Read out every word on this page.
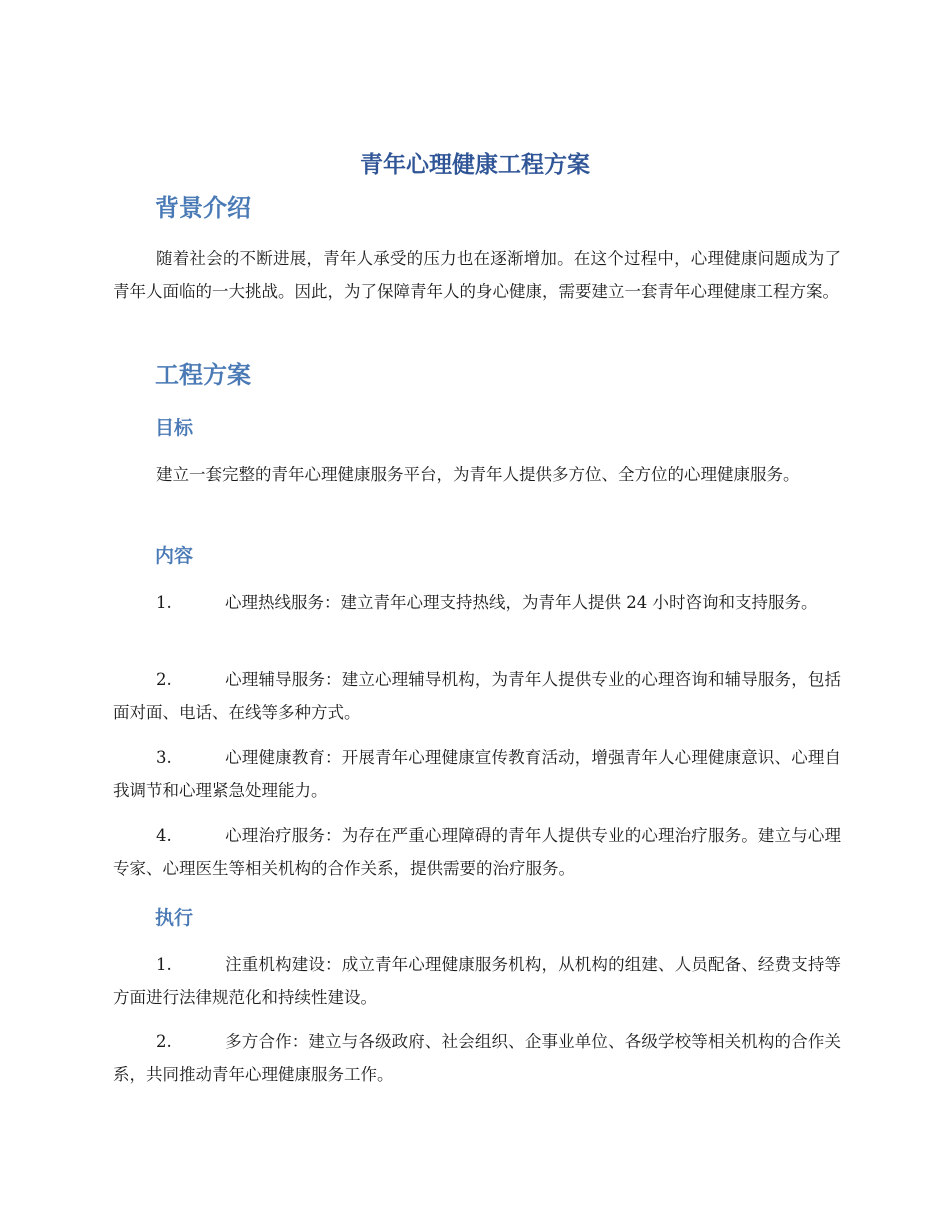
青年心理健康工程方案
背景介绍

随着社会的不断进展，青年人承受的压力也在逐渐增加。在这个过程中，心理健康问题成为了青年人面临的一大挑战。因此，为了保障青年人的身心健康，需要建立一套青年心理健康工程方案。

工程方案
目标

建立一套完整的青年心理健康服务平台，为青年人提供多方位、全方位的心理健康服务。

内容

1.	心理热线服务：建立青年心理支持热线，为青年人提供 24 小时咨询和支持服务。

2.	心理辅导服务：建立心理辅导机构，为青年人提供专业的心理咨询和辅导服务，包括面对面、电话、在线等多种方式。

3.	心理健康教育：开展青年心理健康宣传教育活动，增强青年人心理健康意识、心理自我调节和心理紧急处理能力。

4.	心理治疗服务：为存在严重心理障碍的青年人提供专业的心理治疗服务。建立与心理专家、心理医生等相关机构的合作关系，提供需要的治疗服务。

执行

1.	注重机构建设：成立青年心理健康服务机构，从机构的组建、人员配备、经费支持等方面进行法律规范化和持续性建设。

2.	多方合作：建立与各级政府、社会组织、企事业单位、各级学校等相关机构的合作关系，共同推动青年心理健康服务工作。
